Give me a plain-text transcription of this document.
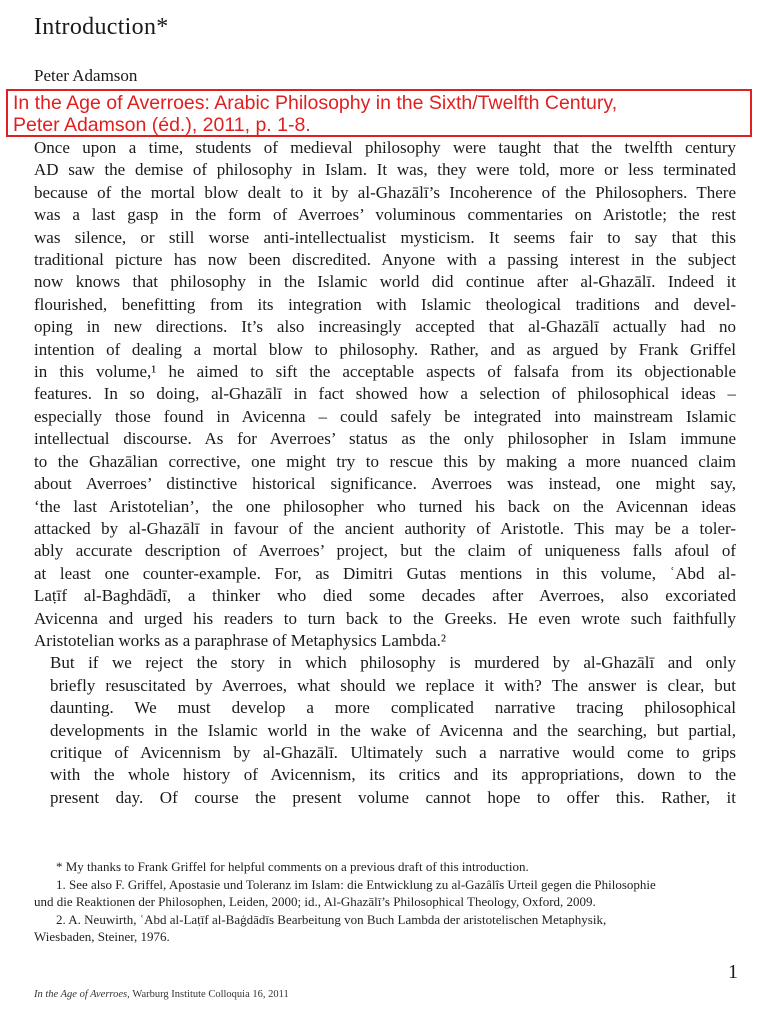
Introduction*
Peter Adamson
In the Age of Averroes: Arabic Philosophy in the Sixth/Twelfth Century,
Peter Adamson (éd.), 2011, p. 1-8.

Once upon a time, students of medieval philosophy were taught that the twelfth century
AD saw the demise of philosophy in Islam. It was, they were told, more or less terminated
because of the mortal blow dealt to it by al-Ghazālī’s Incoherence of the Philosophers. There
was a last gasp in the form of Averroes’ voluminous commentaries on Aristotle; the rest
was silence, or still worse anti-intellectualist mysticism. It seems fair to say that this
traditional picture has now been discredited. Anyone with a passing interest in the subject
now knows that philosophy in the Islamic world did continue after al-Ghazālī. Indeed it
flourished, benefitting from its integration with Islamic theological traditions and devel-
oping in new directions. It’s also increasingly accepted that al-Ghazālī actually had no
intention of dealing a mortal blow to philosophy. Rather, and as argued by Frank Griffel
in this volume,¹ he aimed to sift the acceptable aspects of falsafa from its objectionable
features. In so doing, al-Ghazālī in fact showed how a selection of philosophical ideas –
especially those found in Avicenna – could safely be integrated into mainstream Islamic
intellectual discourse. As for Averroes’ status as the only philosopher in Islam immune
to the Ghazālian corrective, one might try to rescue this by making a more nuanced claim
about Averroes’ distinctive historical significance. Averroes was instead, one might say,
‘the last Aristotelian’, the one philosopher who turned his back on the Avicennan ideas
attacked by al-Ghazālī in favour of the ancient authority of Aristotle. This may be a toler-
ably accurate description of Averroes’ project, but the claim of uniqueness falls afoul of
at least one counter-example. For, as Dimitri Gutas mentions in this volume, ʿAbd al-
Laṭīf al-Baghdādī, a thinker who died some decades after Averroes, also excoriated
Avicenna and urged his readers to turn back to the Greeks. He even wrote such faithfully
Aristotelian works as a paraphrase of Metaphysics Lambda.²

But if we reject the story in which philosophy is murdered by al-Ghazālī and only
briefly resuscitated by Averroes, what should we replace it with? The answer is clear, but
daunting. We must develop a more complicated narrative tracing philosophical
developments in the Islamic world in the wake of Avicenna and the searching, but partial,
critique of Avicennism by al-Ghazālī. Ultimately such a narrative would come to grips
with the whole history of Avicennism, its critics and its appropriations, down to the
present day. Of course the present volume cannot hope to offer this. Rather, it

* My thanks to Frank Griffel for helpful comments on a previous draft of this introduction.
1. See also F. Griffel, Apostasie und Toleranz im Islam: die Entwicklung zu al-Gazâlîs Urteil gegen die Philosophie
und die Reaktionen der Philosophen, Leiden, 2000; id., Al-Ghazālī’s Philosophical Theology, Oxford, 2009.
2. A. Neuwirth, ʿAbd al-Laṭīf al-Baġdādīs Bearbeitung von Buch Lambda der aristotelischen Metaphysik,
Wiesbaden, Steiner, 1976.
1
In the Age of Averroes, Warburg Institute Colloquia 16, 2011
